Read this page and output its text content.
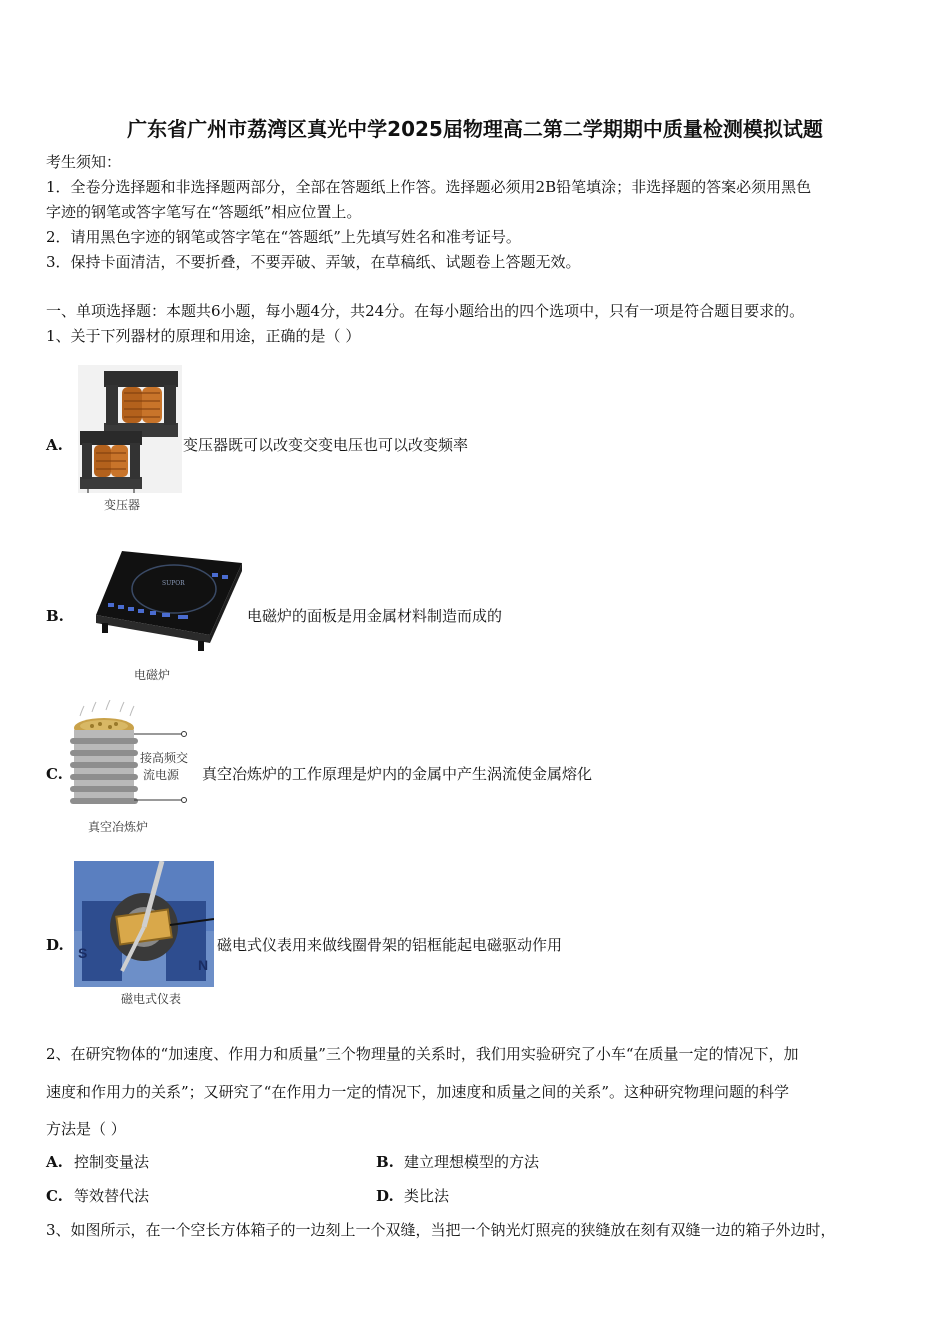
广东省广州市荔湾区真光中学2025届物理高二第二学期期中质量检测模拟试题
考生须知：
1．全卷分选择题和非选择题两部分，全部在答题纸上作答。选择题必须用2B铅笔填涂；非选择题的答案必须用黑色
字迹的钢笔或答字笔写在“答题纸”相应位置上。
2．请用黑色字迹的钢笔或答字笔在“答题纸”上先填写姓名和准考证号。
3．保持卡面清洁，不要折叠，不要弄破、弄皱，在草稿纸、试题卷上答题无效。
一、单项选择题：本题共6小题，每小题4分，共24分。在每小题给出的四个选项中，只有一项是符合题目要求的。
1、关于下列器材的原理和用途，正确的是（ ）
变压器
A.	变压器既可以改变交变电压也可以改变频率
SUPOR
电磁炉
B.	电磁炉的面板是用金属材料制造而成的
接高频交
流电源
真空冶炼炉
C.	真空冶炼炉的工作原理是炉内的金属中产生涡流使金属熔化
S
N
磁电式仪表
D.	磁电式仪表用来做线圈骨架的铝框能起电磁驱动作用
2、在研究物体的“加速度、作用力和质量”三个物理量的关系时，我们用实验研究了小车“在质量一定的情况下，加
速度和作用力的关系”；又研究了“在作用力一定的情况下，加速度和质量之间的关系”。这种研究物理问题的科学
方法是（ ）
A. 控制变量法	B. 建立理想模型的方法
C. 等效替代法	D. 类比法
3、如图所示，在一个空长方体箱子的一边刻上一个双缝，当把一个钠光灯照亮的狭缝放在刻有双缝一边的箱子外边时，
